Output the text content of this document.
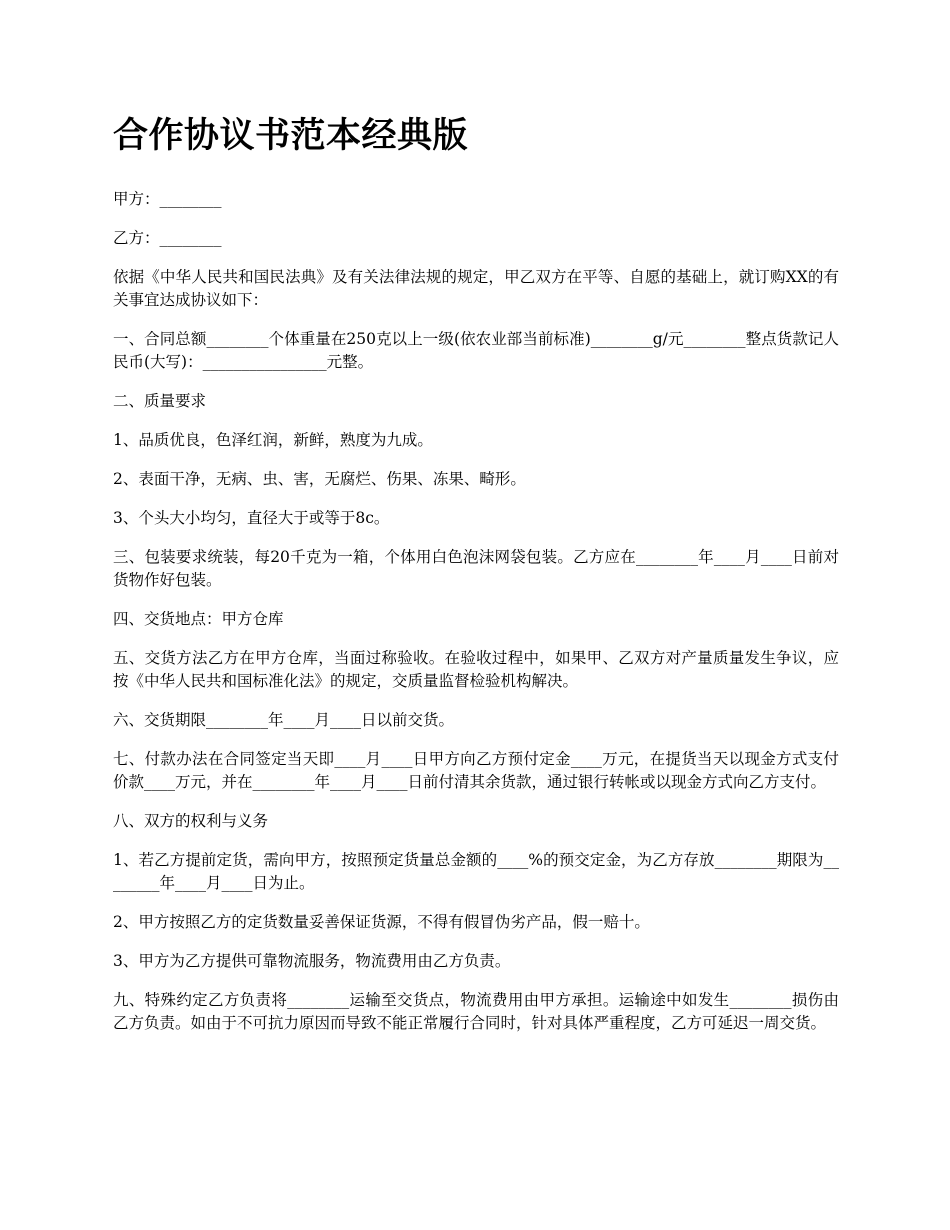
合作协议书范本经典版

甲方：________

乙方：________

依据《中华人民共和国民法典》及有关法律法规的规定，甲乙双方在平等、自愿的基础上，就订购XX的有关事宜达成协议如下：

一、合同总额________个体重量在250克以上一级(依农业部当前标准)________g/元________整点货款记人民币(大写)：________________元整。

二、质量要求

1、品质优良，色泽红润，新鲜，熟度为九成。

2、表面干净，无病、虫、害，无腐烂、伤果、冻果、畸形。

3、个头大小均匀，直径大于或等于8c。

三、包装要求统装，每20千克为一箱，个体用白色泡沫网袋包装。乙方应在________年____月____日前对货物作好包装。

四、交货地点：甲方仓库

五、交货方法乙方在甲方仓库，当面过称验收。在验收过程中，如果甲、乙双方对产量质量发生争议，应按《中华人民共和国标准化法》的规定，交质量监督检验机构解决。

六、交货期限________年____月____日以前交货。

七、付款办法在合同签定当天即____月____日甲方向乙方预付定金____万元，在提货当天以现金方式支付价款____万元，并在________年____月____日前付清其余货款，通过银行转帐或以现金方式向乙方支付。

八、双方的权利与义务

1、若乙方提前定货，需向甲方，按照预定货量总金额的____%的预交定金，为乙方存放________期限为________年____月____日为止。

2、甲方按照乙方的定货数量妥善保证货源，不得有假冒伪劣产品，假一赔十。

3、甲方为乙方提供可靠物流服务，物流费用由乙方负责。

九、特殊约定乙方负责将________运输至交货点，物流费用由甲方承担。运输途中如发生________损伤由乙方负责。如由于不可抗力原因而导致不能正常履行合同时，针对具体严重程度，乙方可延迟一周交货。
